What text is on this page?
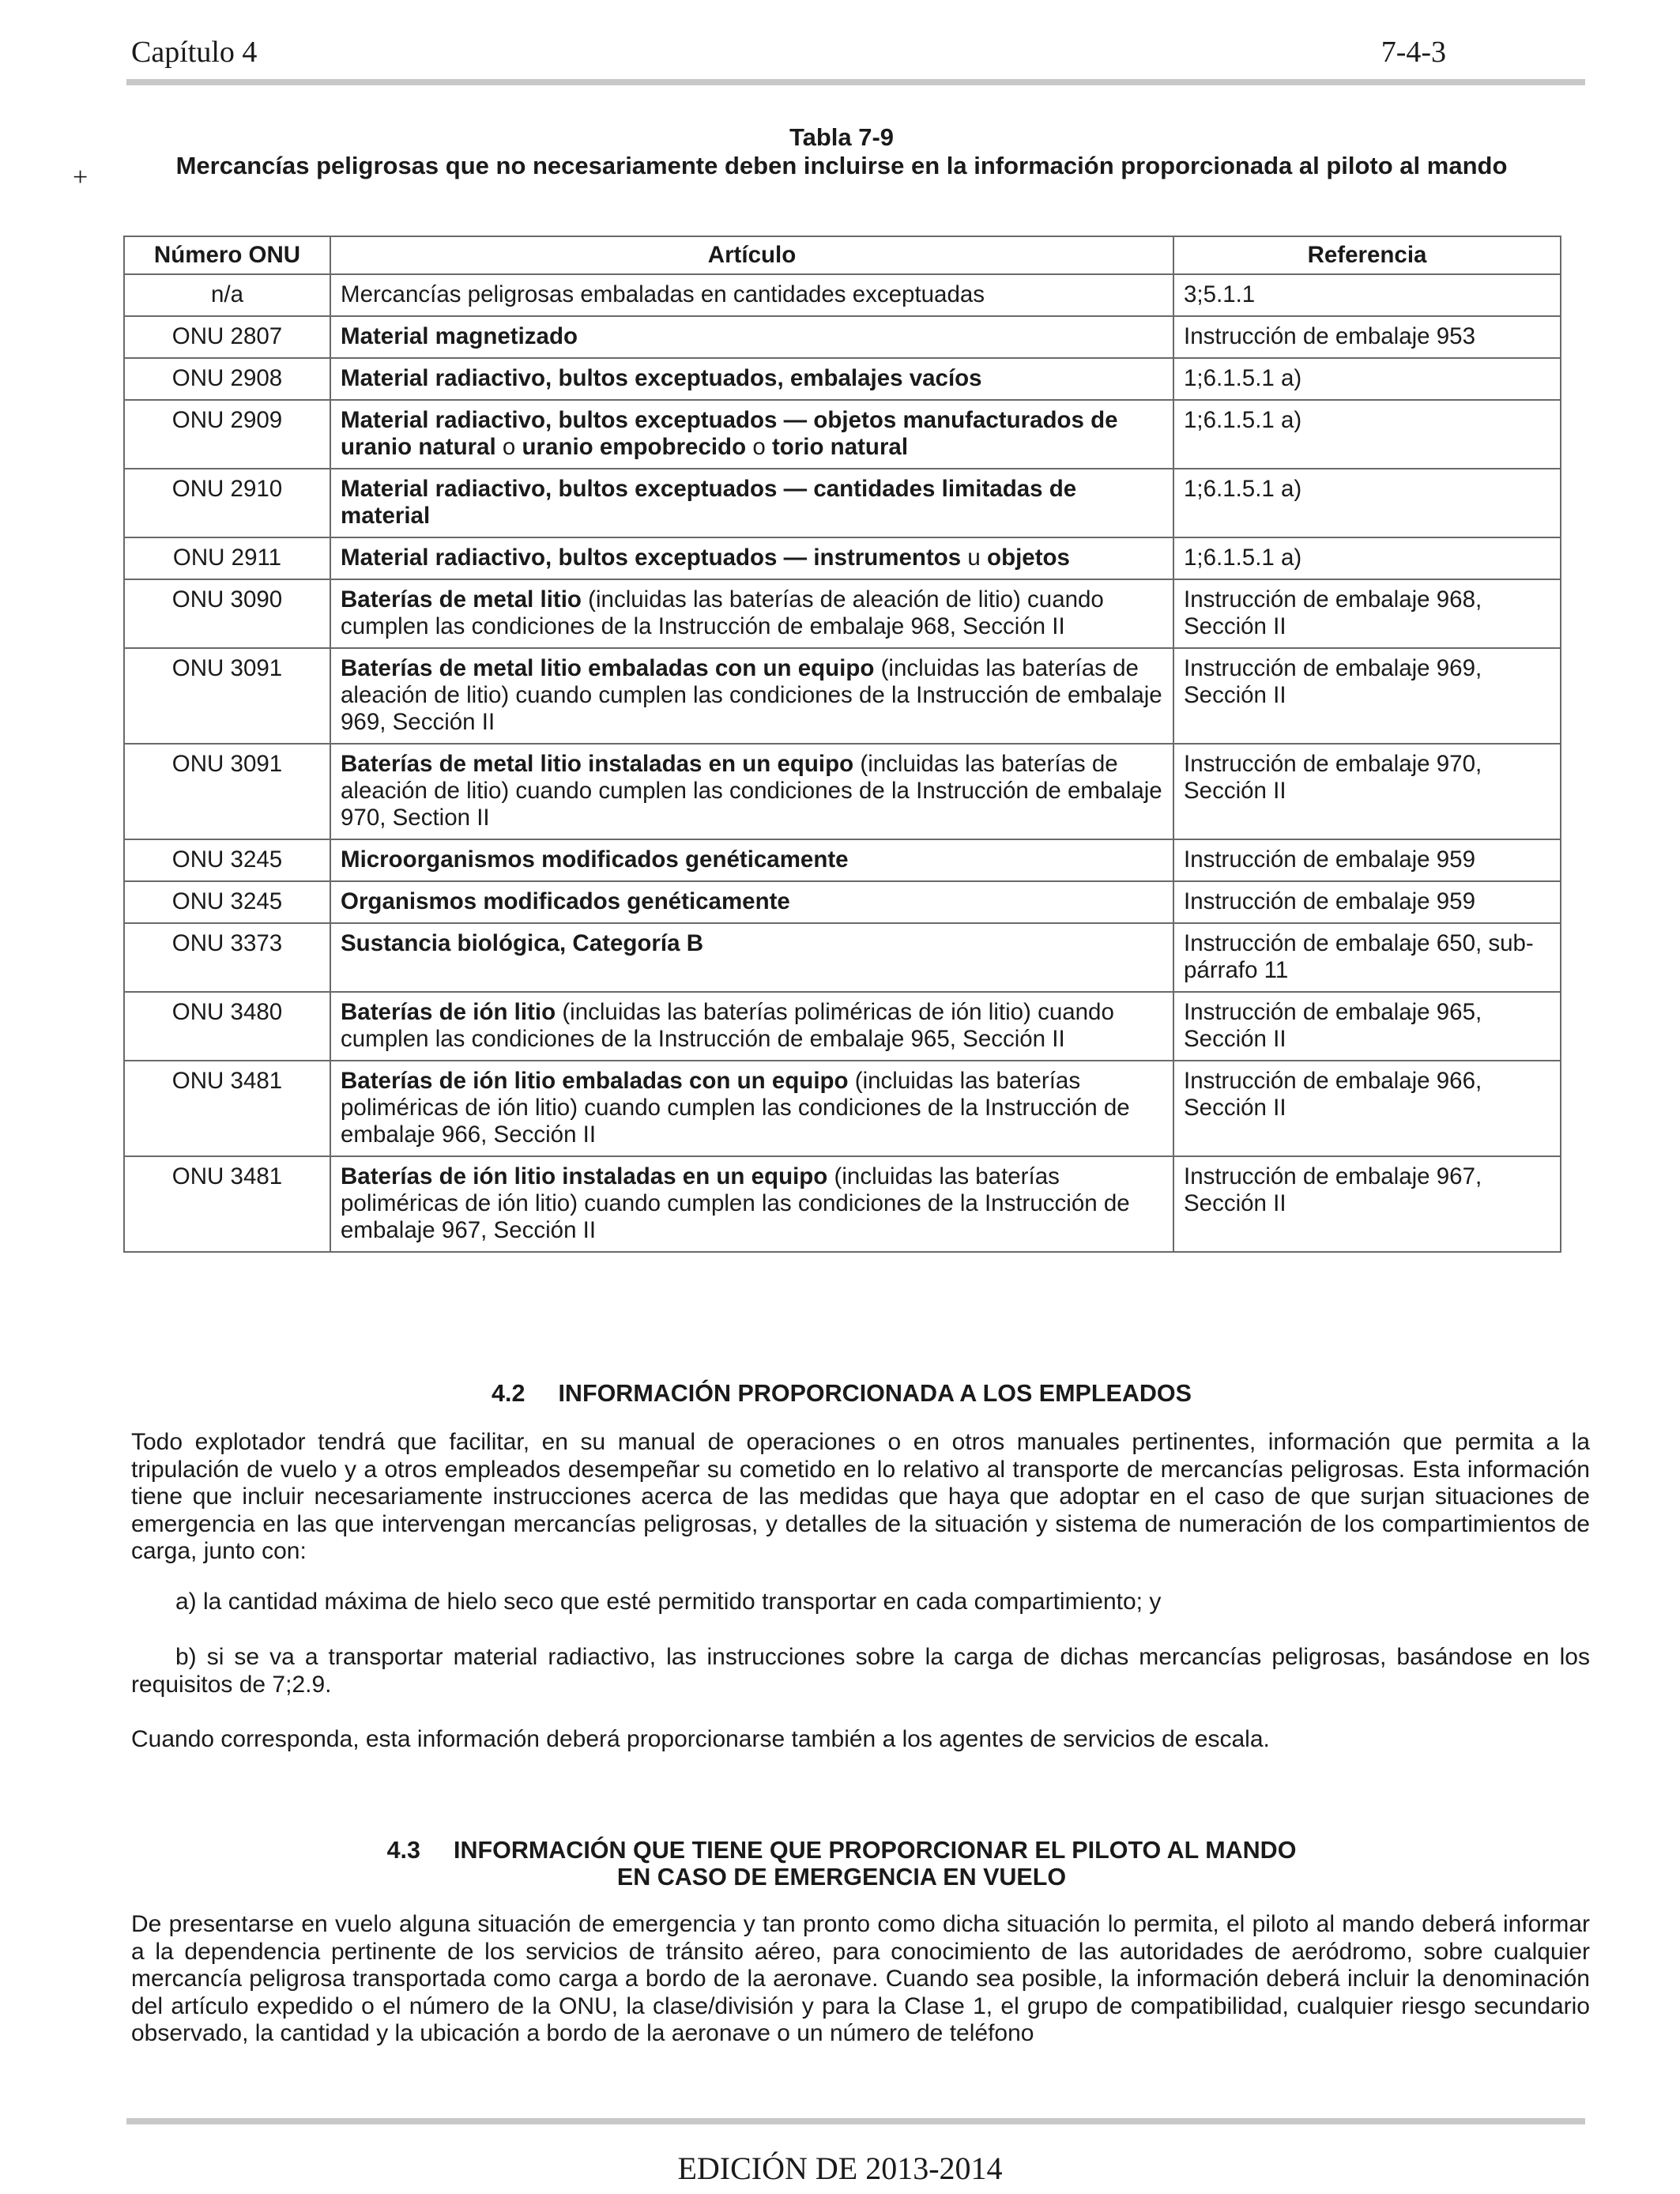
Capítulo 4	7-4-3
+
Tabla 7-9
Mercancías peligrosas que no necesariamente deben incluirse en la información proporcionada al piloto al mando
Número ONU	Artículo	Referencia
n/a	Mercancías peligrosas embaladas en cantidades exceptuadas	3;5.1.1
ONU 2807	Material magnetizado	Instrucción de embalaje 953
ONU 2908	Material radiactivo, bultos exceptuados, embalajes vacíos	1;6.1.5.1 a)
ONU 2909	Material radiactivo, bultos exceptuados — objetos manufacturados de uranio natural o uranio empobrecido o torio natural	1;6.1.5.1 a)
ONU 2910	Material radiactivo, bultos exceptuados — cantidades limitadas de material	1;6.1.5.1 a)
ONU 2911	Material radiactivo, bultos exceptuados — instrumentos u objetos	1;6.1.5.1 a)
ONU 3090	Baterías de metal litio (incluidas las baterías de aleación de litio) cuando cumplen las condiciones de la Instrucción de embalaje 968, Sección II	Instrucción de embalaje 968, Sección II
ONU 3091	Baterías de metal litio embaladas con un equipo (incluidas las baterías de aleación de litio) cuando cumplen las condiciones de la Instrucción de embalaje 969, Sección II	Instrucción de embalaje 969, Sección II
ONU 3091	Baterías de metal litio instaladas en un equipo (incluidas las baterías de aleación de litio) cuando cumplen las condiciones de la Instrucción de embalaje 970, Section II	Instrucción de embalaje 970, Sección II
ONU 3245	Microorganismos modificados genéticamente	Instrucción de embalaje 959
ONU 3245	Organismos modificados genéticamente	Instrucción de embalaje 959
ONU 3373	Sustancia biológica, Categoría B	Instrucción de embalaje 650, sub-párrafo 11
ONU 3480	Baterías de ión litio (incluidas las baterías poliméricas de ión litio) cuando cumplen las condiciones de la Instrucción de embalaje 965, Sección II	Instrucción de embalaje 965, Sección II
ONU 3481	Baterías de ión litio embaladas con un equipo (incluidas las baterías poliméricas de ión litio) cuando cumplen las condiciones de la Instrucción de embalaje 966, Sección II	Instrucción de embalaje 966, Sección II
ONU 3481	Baterías de ión litio instaladas en un equipo (incluidas las baterías poliméricas de ión litio) cuando cumplen las condiciones de la Instrucción de embalaje 967, Sección II	Instrucción de embalaje 967, Sección II
4.2 INFORMACIÓN PROPORCIONADA A LOS EMPLEADOS
Todo explotador tendrá que facilitar, en su manual de operaciones o en otros manuales pertinentes, información que permita a la tripulación de vuelo y a otros empleados desempeñar su cometido en lo relativo al transporte de mercancías peligrosas. Esta información tiene que incluir necesariamente instrucciones acerca de las medidas que haya que adoptar en el caso de que surjan situaciones de emergencia en las que intervengan mercancías peligrosas, y detalles de la situación y sistema de numeración de los compartimientos de carga, junto con:
a) la cantidad máxima de hielo seco que esté permitido transportar en cada compartimiento; y
b) si se va a transportar material radiactivo, las instrucciones sobre la carga de dichas mercancías peligrosas, basándose en los requisitos de 7;2.9.
Cuando corresponda, esta información deberá proporcionarse también a los agentes de servicios de escala.
4.3 INFORMACIÓN QUE TIENE QUE PROPORCIONAR EL PILOTO AL MANDO
EN CASO DE EMERGENCIA EN VUELO
De presentarse en vuelo alguna situación de emergencia y tan pronto como dicha situación lo permita, el piloto al mando deberá informar a la dependencia pertinente de los servicios de tránsito aéreo, para conocimiento de las autoridades de aeródromo, sobre cualquier mercancía peligrosa transportada como carga a bordo de la aeronave. Cuando sea posible, la información deberá incluir la denominación del artículo expedido o el número de la ONU, la clase/división y para la Clase 1, el grupo de compatibilidad, cualquier riesgo secundario observado, la cantidad y la ubicación a bordo de la aeronave o un número de teléfono
EDICIÓN DE 2013-2014
